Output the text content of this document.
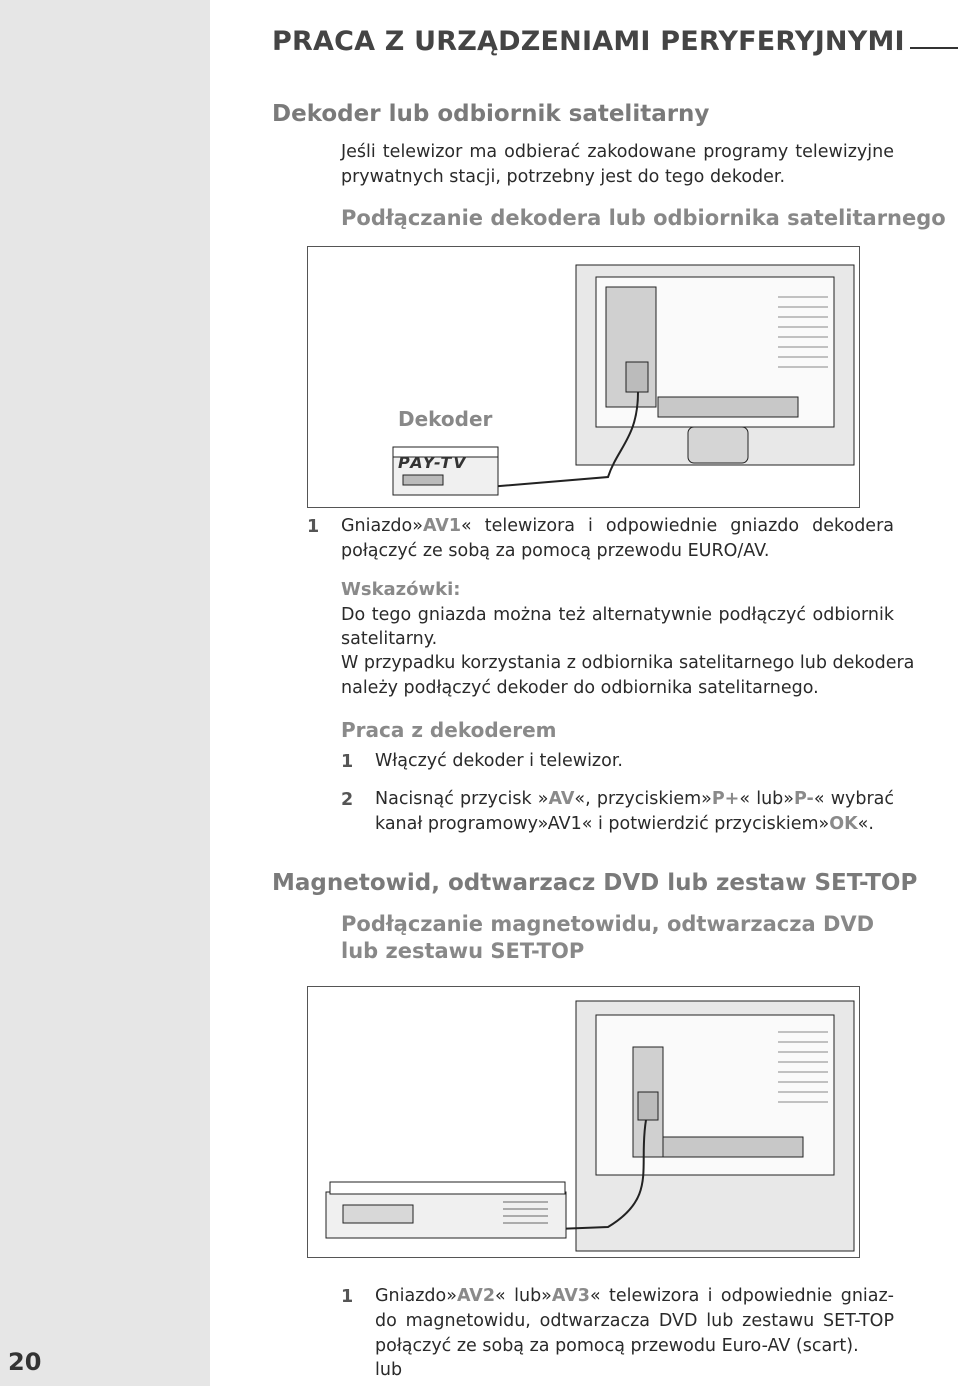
20
PRACA Z URZĄDZENIAMI PERYFERYJNYMI
Dekoder lub odbiornik satelitarny
Jeśli telewizor ma odbierać zakodowane programy telewizyjne
prywatnych stacji, potrzebny jest do tego dekoder.
Podłączanie dekodera lub odbiornika satelitarnego
Dekoder
PAY-TV
1 Gniazdo»AV1« telewizora i odpowiednie gniazdo dekodera
połączyć ze sobą za pomocą przewodu EURO/AV.
Wskazówki:
Do tego gniazda można też alternatywnie podłączyć odbiornik
satelitarny.
W przypadku korzystania z odbiornika satelitarnego lub dekodera
należy podłączyć dekoder do odbiornika satelitarnego.
Praca z dekoderem
1 Włączyć dekoder i telewizor.
2 Nacisnąć przycisk »AV«, przyciskiem»P+« lub»P-« wybrać
kanał programowy»AV1« i potwierdzić przyciskiem»OK«.
Magnetowid, odtwarzacz DVD lub zestaw SET-TOP
Podłączanie magnetowidu, odtwarzacza DVD
lub zestawu SET-TOP
1 Gniazdo»AV2« lub»AV3« telewizora i odpowiednie gniaz-
do magnetowidu, odtwarzacza DVD lub zestawu SET-TOP
połączyć ze sobą za pomocą przewodu Euro-AV (scart).
lub
